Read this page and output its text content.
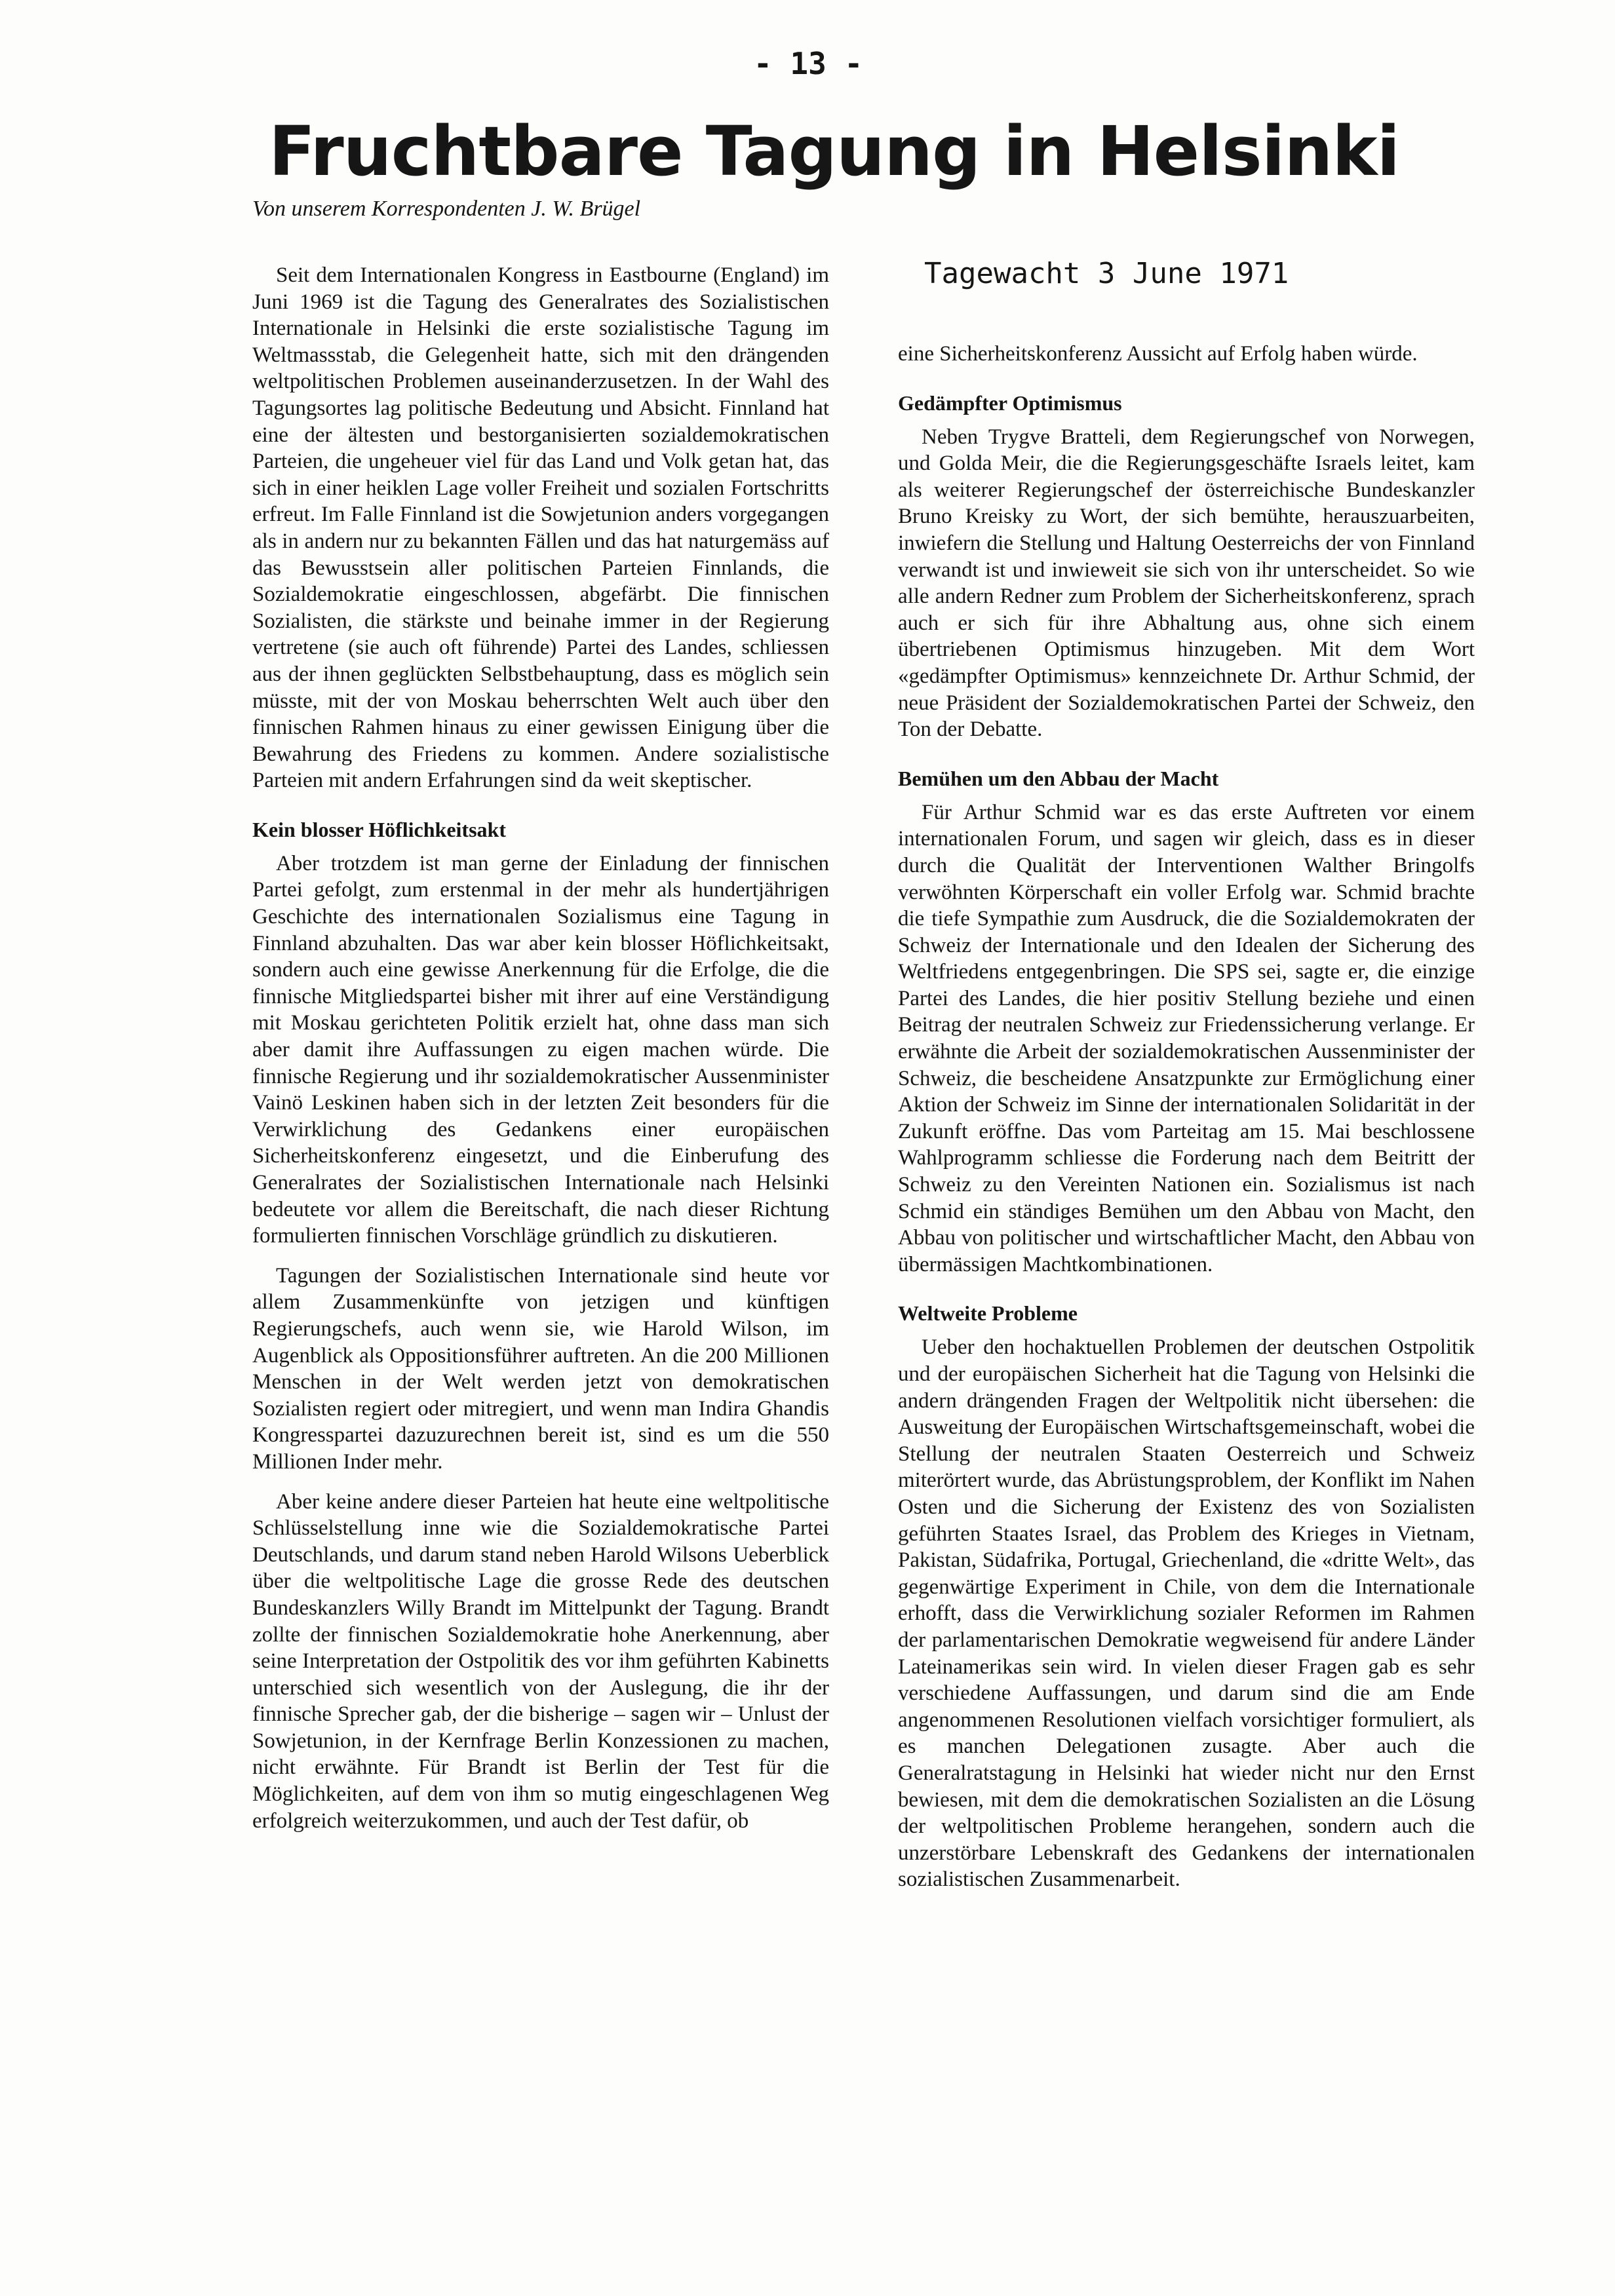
- 13 -
Fruchtbare Tagung in Helsinki
Von unserem Korrespondenten J. W. Brügel
Tagewacht 3 June 1971

Seit dem Internationalen Kongress in Eastbourne (England) im Juni 1969 ist die Tagung des Generalrates des Sozialistischen Internationale in Helsinki die erste sozialistische Tagung im Weltmassstab, die Gelegenheit hatte, sich mit den drängenden weltpolitischen Problemen auseinanderzusetzen. In der Wahl des Tagungsortes lag politische Bedeutung und Absicht. Finnland hat eine der ältesten und bestorganisierten sozialdemokratischen Parteien, die ungeheuer viel für das Land und Volk getan hat, das sich in einer heiklen Lage voller Freiheit und sozialen Fortschritts erfreut. Im Falle Finnland ist die Sowjetunion anders vorgegangen als in andern nur zu bekannten Fällen und das hat naturgemäss auf das Bewusstsein aller politischen Parteien Finnlands, die Sozialdemokratie eingeschlossen, abgefärbt. Die finnischen Sozialisten, die stärkste und beinahe immer in der Regierung vertretene (sie auch oft führende) Partei des Landes, schliessen aus der ihnen geglückten Selbstbehauptung, dass es möglich sein müsste, mit der von Moskau beherrschten Welt auch über den finnischen Rahmen hinaus zu einer gewissen Einigung über die Bewahrung des Friedens zu kommen. Andere sozialistische Parteien mit andern Erfahrungen sind da weit skeptischer.

Kein blosser Höflichkeitsakt

Aber trotzdem ist man gerne der Einladung der finnischen Partei gefolgt, zum erstenmal in der mehr als hundertjährigen Geschichte des internationalen Sozialismus eine Tagung in Finnland abzuhalten. Das war aber kein blosser Höflichkeitsakt, sondern auch eine gewisse Anerkennung für die Erfolge, die die finnische Mitgliedspartei bisher mit ihrer auf eine Verständigung mit Moskau gerichteten Politik erzielt hat, ohne dass man sich aber damit ihre Auffassungen zu eigen machen würde. Die finnische Regierung und ihr sozialdemokratischer Aussenminister Vainö Leskinen haben sich in der letzten Zeit besonders für die Verwirklichung des Gedankens einer europäischen Sicherheitskonferenz eingesetzt, und die Einberufung des Generalrates der Sozialistischen Internationale nach Helsinki bedeutete vor allem die Bereitschaft, die nach dieser Richtung formulierten finnischen Vorschläge gründlich zu diskutieren.

Tagungen der Sozialistischen Internationale sind heute vor allem Zusammenkünfte von jetzigen und künftigen Regierungschefs, auch wenn sie, wie Harold Wilson, im Augenblick als Oppositionsführer auftreten. An die 200 Millionen Menschen in der Welt werden jetzt von demokratischen Sozialisten regiert oder mitregiert, und wenn man Indira Ghandis Kongresspartei dazuzurechnen bereit ist, sind es um die 550 Millionen Inder mehr.

Aber keine andere dieser Parteien hat heute eine weltpolitische Schlüsselstellung inne wie die Sozialdemokratische Partei Deutschlands, und darum stand neben Harold Wilsons Ueberblick über die weltpolitische Lage die grosse Rede des deutschen Bundeskanzlers Willy Brandt im Mittelpunkt der Tagung. Brandt zollte der finnischen Sozialdemokratie hohe Anerkennung, aber seine Interpretation der Ostpolitik des vor ihm geführten Kabinetts unterschied sich wesentlich von der Auslegung, die ihr der finnische Sprecher gab, der die bisherige – sagen wir – Unlust der Sowjetunion, in der Kernfrage Berlin Konzessionen zu machen, nicht erwähnte. Für Brandt ist Berlin der Test für die Möglichkeiten, auf dem von ihm so mutig eingeschlagenen Weg erfolgreich weiterzukommen, und auch der Test dafür, ob

eine Sicherheitskonferenz Aussicht auf Erfolg haben würde.

Gedämpfter Optimismus

Neben Trygve Bratteli, dem Regierungschef von Norwegen, und Golda Meir, die die Regierungsgeschäfte Israels leitet, kam als weiterer Regierungschef der österreichische Bundeskanzler Bruno Kreisky zu Wort, der sich bemühte, herauszuarbeiten, inwiefern die Stellung und Haltung Oesterreichs der von Finnland verwandt ist und inwieweit sie sich von ihr unterscheidet. So wie alle andern Redner zum Problem der Sicherheitskonferenz, sprach auch er sich für ihre Abhaltung aus, ohne sich einem übertriebenen Optimismus hinzugeben. Mit dem Wort «gedämpfter Optimismus» kennzeichnete Dr. Arthur Schmid, der neue Präsident der Sozialdemokratischen Partei der Schweiz, den Ton der Debatte.

Bemühen um den Abbau der Macht

Für Arthur Schmid war es das erste Auftreten vor einem internationalen Forum, und sagen wir gleich, dass es in dieser durch die Qualität der Interventionen Walther Bringolfs verwöhnten Körperschaft ein voller Erfolg war. Schmid brachte die tiefe Sympathie zum Ausdruck, die die Sozialdemokraten der Schweiz der Internationale und den Idealen der Sicherung des Weltfriedens entgegenbringen. Die SPS sei, sagte er, die einzige Partei des Landes, die hier positiv Stellung beziehe und einen Beitrag der neutralen Schweiz zur Friedenssicherung verlange. Er erwähnte die Arbeit der sozialdemokratischen Aussenminister der Schweiz, die bescheidene Ansatzpunkte zur Ermöglichung einer Aktion der Schweiz im Sinne der internationalen Solidarität in der Zukunft eröffne. Das vom Parteitag am 15. Mai beschlossene Wahlprogramm schliesse die Forderung nach dem Beitritt der Schweiz zu den Vereinten Nationen ein. Sozialismus ist nach Schmid ein ständiges Bemühen um den Abbau von Macht, den Abbau von politischer und wirtschaftlicher Macht, den Abbau von übermässigen Machtkombinationen.

Weltweite Probleme

Ueber den hochaktuellen Problemen der deutschen Ostpolitik und der europäischen Sicherheit hat die Tagung von Helsinki die andern drängenden Fragen der Weltpolitik nicht übersehen: die Ausweitung der Europäischen Wirtschaftsgemeinschaft, wobei die Stellung der neutralen Staaten Oesterreich und Schweiz miterörtert wurde, das Abrüstungsproblem, der Konflikt im Nahen Osten und die Sicherung der Existenz des von Sozialisten geführten Staates Israel, das Problem des Krieges in Vietnam, Pakistan, Südafrika, Portugal, Griechenland, die «dritte Welt», das gegenwärtige Experiment in Chile, von dem die Internationale erhofft, dass die Verwirklichung sozialer Reformen im Rahmen der parlamentarischen Demokratie wegweisend für andere Länder Lateinamerikas sein wird. In vielen dieser Fragen gab es sehr verschiedene Auffassungen, und darum sind die am Ende angenommenen Resolutionen vielfach vorsichtiger formuliert, als es manchen Delegationen zusagte. Aber auch die Generalratstagung in Helsinki hat wieder nicht nur den Ernst bewiesen, mit dem die demokratischen Sozialisten an die Lösung der weltpolitischen Probleme herangehen, sondern auch die unzerstörbare Lebenskraft des Gedankens der internationalen sozialistischen Zusammenarbeit.
